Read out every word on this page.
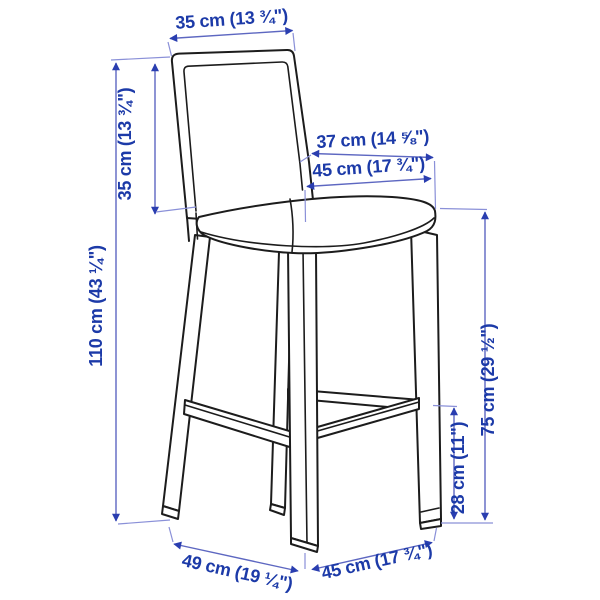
35 cm (13 ¾")
35 cm (13 ¾")
110 cm (43 ¼")
37 cm (14 ⅝")
45 cm (17 ¾")
75 cm (29 ½")
28 cm (11")
49 cm (19 ¼") 45 cm (17 ¾")
